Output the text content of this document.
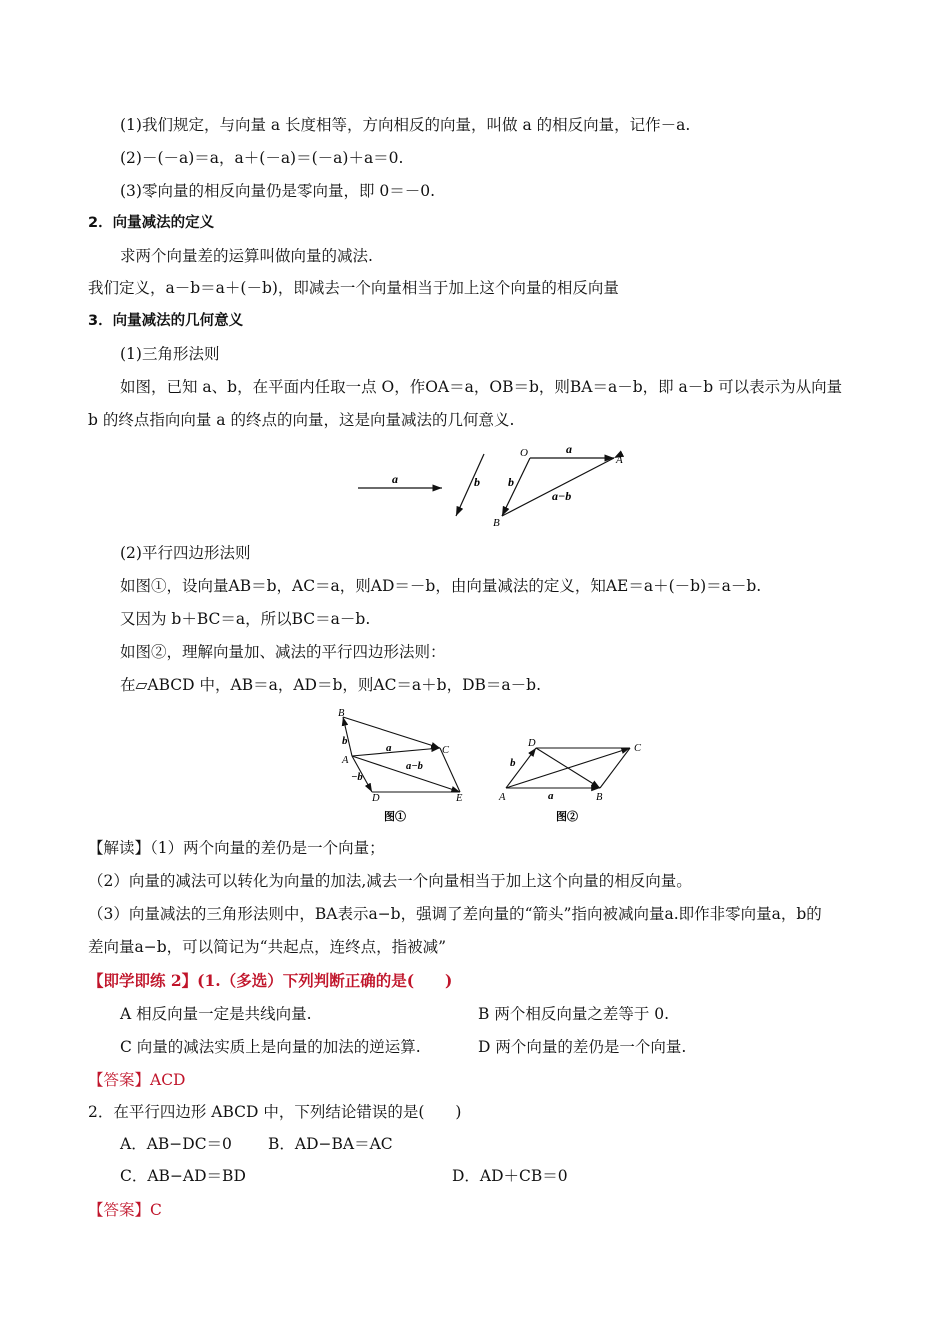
(1)我们规定，与向量 a 长度相等，方向相反的向量，叫做 a 的相反向量，记作－a.
(2)－(－a)＝a，a＋(－a)＝(－a)＋a＝0.
(3)零向量的相反向量仍是零向量，即 0＝－0.
2．向量减法的定义
求两个向量差的运算叫做向量的减法.
我们定义，a－b＝a＋(－b)，即减去一个向量相当于加上这个向量的相反向量
3．向量减法的几何意义
(1)三角形法则
如图，已知 a、b，在平面内任取一点 O，作OA＝a，OB＝b，则BA＝a－b，即 a－b 可以表示为从向量
b 的终点指向向量 a 的终点的向量，这是向量减法的几何意义.
a	b
O
A
B
a
b
a−b
(2)平行四边形法则
如图①，设向量AB＝b，AC＝a，则AD＝－b，由向量减法的定义，知AE＝a＋(－b)＝a－b.
又因为 b＋BC＝a，所以BC＝a－b.
如图②，理解向量加、减法的平行四边形法则：
在▱ABCD 中，AB＝a，AD＝b，则AC＝a＋b，DB＝a－b.
B
A
C
D	E
b
a
a−b
−b
图①
A	B
C
D
b
a
图②
【解读】（1）两个向量的差仍是一个向量；
（2）向量的减法可以转化为向量的加法,减去一个向量相当于加上这个向量的相反向量。
（3）向量减法的三角形法则中，BA表示a−b，强调了差向量的“箭头”指向被减向量a.即作非零向量a，b的
差向量a−b，可以简记为“共起点，连终点，指被减”
【即学即练 2】(1.（多选）下列判断正确的是(　　)
A 相反向量一定是共线向量.	B 两个相反向量之差等于 0.
C 向量的减法实质上是向量的加法的逆运算.	D 两个向量的差仍是一个向量.
【答案】ACD
2．在平行四边形 ABCD 中，下列结论错误的是(　　)
A．AB−DC＝0 B．AD−BA＝AC
C．AB−AD＝BD	D．AD＋CB＝0
【答案】C
